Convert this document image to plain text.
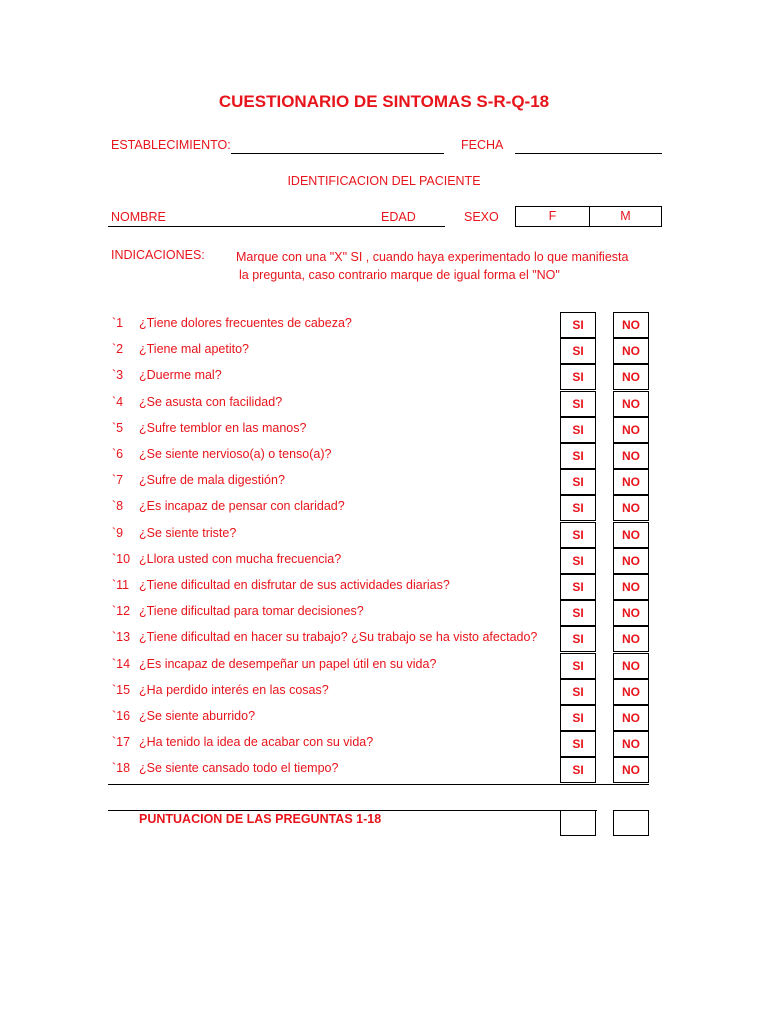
CUESTIONARIO DE SINTOMAS S-R-Q-18
ESTABLECIMIENTO:	FECHA
IDENTIFICACION DEL PACIENTE
NOMBRE	EDAD	SEXO	F	M
INDICACIONES: Marque con una "X" SI , cuando haya experimentado lo que manifiesta
la pregunta, caso contrario marque de igual forma el "NO"
`1 ¿Tiene dolores frecuentes de cabeza?	SI	NO
`2 ¿Tiene mal apetito?	SI	NO
`3 ¿Duerme mal?	SI	NO
`4 ¿Se asusta con facilidad?	SI	NO
`5 ¿Sufre temblor en las manos?	SI	NO
`6 ¿Se siente nervioso(a) o tenso(a)?	SI	NO
`7 ¿Sufre de mala digestión?	SI	NO
`8 ¿Es incapaz de pensar con claridad?	SI	NO
`9 ¿Se siente triste?	SI	NO
`10 ¿Llora usted con mucha frecuencia?	SI	NO
`11 ¿Tiene dificultad en disfrutar de sus actividades diarias?	SI	NO
`12 ¿Tiene dificultad para tomar decisiones?	SI	NO
`13 ¿Tiene dificultad en hacer su trabajo? ¿Su trabajo se ha visto afectado?	SI	NO
`14 ¿Es incapaz de desempeñar un papel útil en su vida?	SI	NO
`15 ¿Ha perdido interés en las cosas?	SI	NO
`16 ¿Se siente aburrido?	SI	NO
`17 ¿Ha tenido la idea de acabar con su vida?	SI	NO
`18 ¿Se siente cansado todo el tiempo?	SI	NO
PUNTUACION DE LAS PREGUNTAS 1-18
